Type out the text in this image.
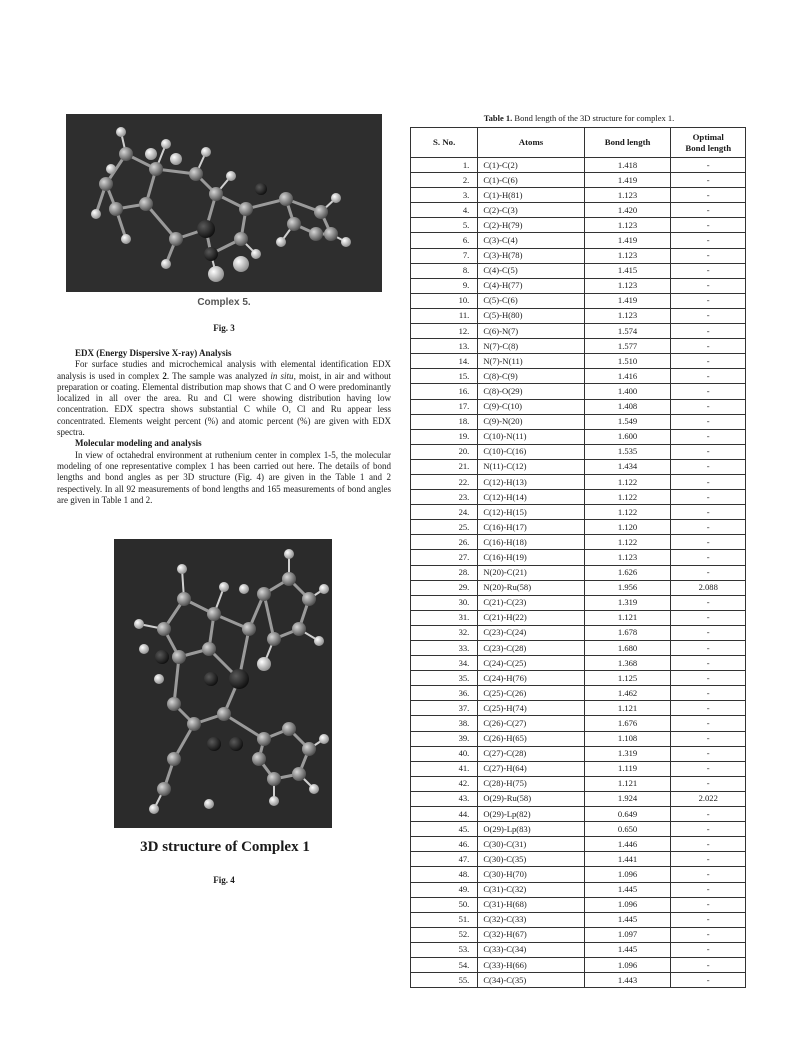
Complex 5.
Fig. 3

EDX (Energy Dispersive X-ray) Analysis

For surface studies and microchemical analysis with elemental identification EDX analysis is used in complex 2. The sample was analyzed in situ, moist, in air and without preparation or coating. Elemental distribution map shows that C and O were predominantly localized in all over the area. Ru and Cl were showing distribution having low concentration. EDX spectra shows substantial C while O, Cl and Ru appear less concentrated. Elements weight percent (%) and atomic percent (%) are given with EDX spectra.

Molecular modeling and analysis

In view of octahedral environment at ruthenium center in complex 1-5, the molecular modeling of one representative complex 1 has been carried out here. The details of bond lengths and bond angles as per 3D structure (Fig. 4) are given in the Table 1 and 2 respectively. In all 92 measurements of bond lengths and 165 measurements of bond angles are given in Table 1 and 2.

3D structure of Complex 1
Fig. 4
Table 1. Bond length of the 3D structure for complex 1.
S. No.	Atoms	Bond length	Optimal
Bond length
1.	C(1)-C(2)	1.418	-
2.	C(1)-C(6)	1.419	-
3.	C(1)-H(81)	1.123	-
4.	C(2)-C(3)	1.420	-
5.	C(2)-H(79)	1.123	-
6.	C(3)-C(4)	1.419	-
7.	C(3)-H(78)	1.123	-
8.	C(4)-C(5)	1.415	-
9.	C(4)-H(77)	1.123	-
10.	C(5)-C(6)	1.419	-
11.	C(5)-H(80)	1.123	-
12.	C(6)-N(7)	1.574	-
13.	N(7)-C(8)	1.577	-
14.	N(7)-N(11)	1.510	-
15.	C(8)-C(9)	1.416	-
16.	C(8)-O(29)	1.400	-
17.	C(9)-C(10)	1.408	-
18.	C(9)-N(20)	1.549	-
19.	C(10)-N(11)	1.600	-
20.	C(10)-C(16)	1.535	-
21.	N(11)-C(12)	1.434	-
22.	C(12)-H(13)	1.122	-
23.	C(12)-H(14)	1.122	-
24.	C(12)-H(15)	1.122	-
25.	C(16)-H(17)	1.120	-
26.	C(16)-H(18)	1.122	-
27.	C(16)-H(19)	1.123	-
28.	N(20)-C(21)	1.626	-
29.	N(20)-Ru(58)	1.956	2.088
30.	C(21)-C(23)	1.319	-
31.	C(21)-H(22)	1.121	-
32.	C(23)-C(24)	1.678	-
33.	C(23)-C(28)	1.680	-
34.	C(24)-C(25)	1.368	-
35.	C(24)-H(76)	1.125	-
36.	C(25)-C(26)	1.462	-
37.	C(25)-H(74)	1.121	-
38.	C(26)-C(27)	1.676	-
39.	C(26)-H(65)	1.108	-
40.	C(27)-C(28)	1.319	-
41.	C(27)-H(64)	1.119	-
42.	C(28)-H(75)	1.121	-
43.	O(29)-Ru(58)	1.924	2.022
44.	O(29)-Lp(82)	0.649	-
45.	O(29)-Lp(83)	0.650	-
46.	C(30)-C(31)	1.446	-
47.	C(30)-C(35)	1.441	-
48.	C(30)-H(70)	1.096	-
49.	C(31)-C(32)	1.445	-
50.	C(31)-H(68)	1.096	-
51.	C(32)-C(33)	1.445	-
52.	C(32)-H(67)	1.097	-
53.	C(33)-C(34)	1.445	-
54.	C(33)-H(66)	1.096	-
55.	C(34)-C(35)	1.443	-
